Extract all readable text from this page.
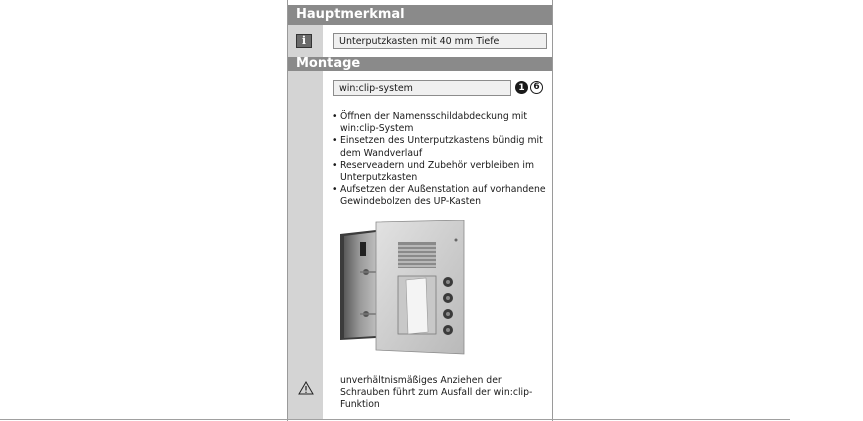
Hauptmerkmal
i	Unterputzkasten mit 40 mm Tiefe
Montage
win:clip-system	1 6
• Öffnen der Namensschildabdeckung mit win:clip-System
• Einsetzen des Unterputzkastens bündig mit dem Wandverlauf
• Reserveadern und Zubehör verbleiben im Unterputzkasten
• Aufsetzen der Außenstation auf vorhandene Gewindebolzen des UP-Kasten
unverhältnismäßiges Anziehen der Schrauben führt zum Ausfall der win:clip-Funktion
